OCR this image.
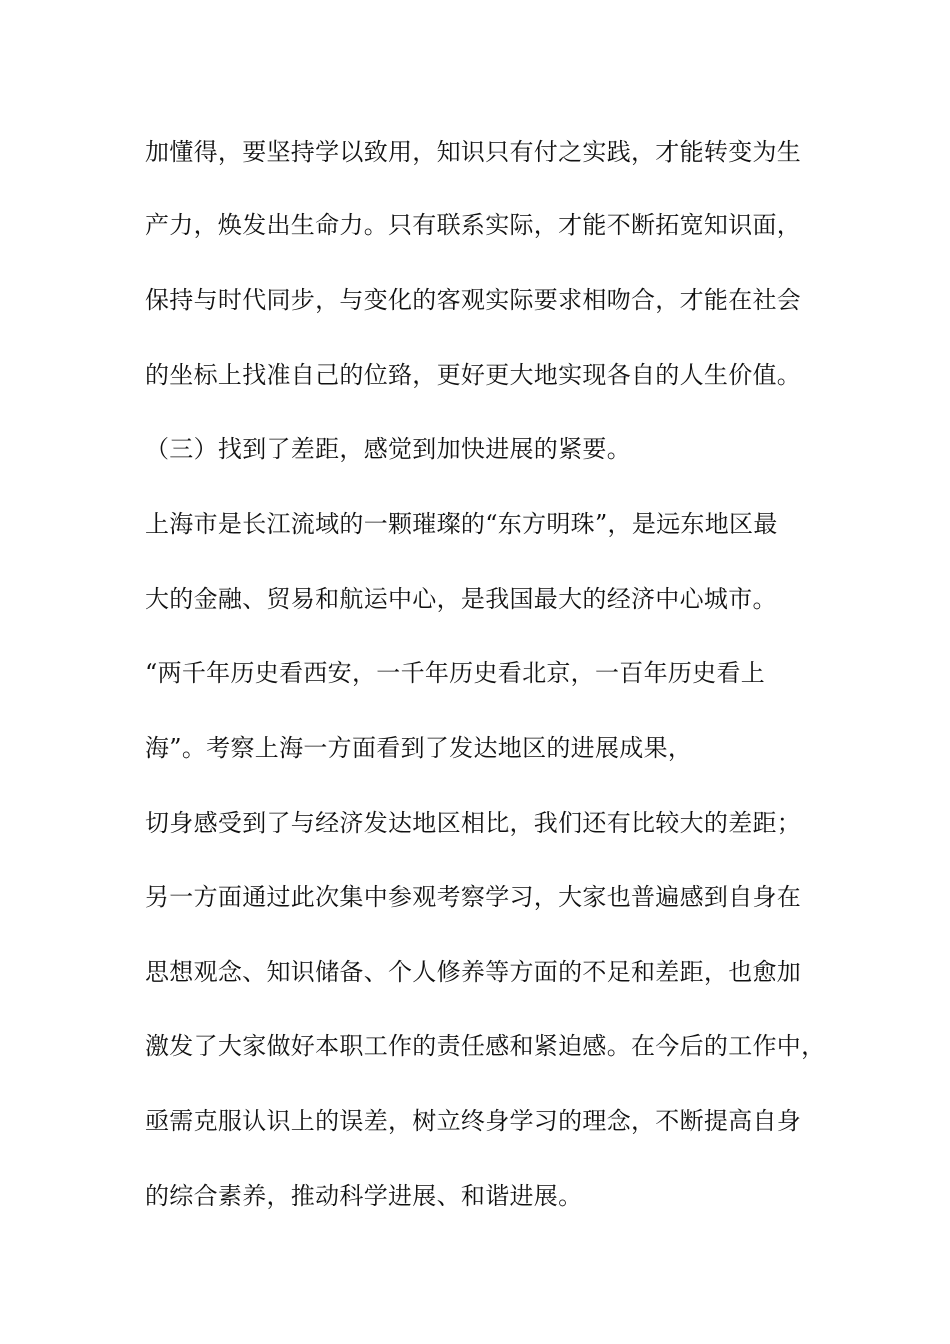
加懂得，要坚持学以致用，知识只有付之实践，才能转变为生
产力，焕发出生命力。只有联系实际，才能不断拓宽知识面，
保持与时代同步，与变化的客观实际要求相吻合，才能在社会
的坐标上找准自己的位臵，更好更大地实现各自的人生价值。
（三）找到了差距，感觉到加快进展的紧要。
上海市是长江流域的一颗璀璨的“东方明珠”，是远东地区最
大的金融、贸易和航运中心，是我国最大的经济中心城市。
“两千年历史看西安，一千年历史看北京，一百年历史看上
海”。考察上海一方面看到了发达地区的进展成果，
切身感受到了与经济发达地区相比，我们还有比较大的差距；
另一方面通过此次集中参观考察学习，大家也普遍感到自身在
思想观念、知识储备、个人修养等方面的不足和差距，也愈加
激发了大家做好本职工作的责任感和紧迫感。在今后的工作中，
亟需克服认识上的误差，树立终身学习的理念，不断提高自身
的综合素养，推动科学进展、和谐进展。
